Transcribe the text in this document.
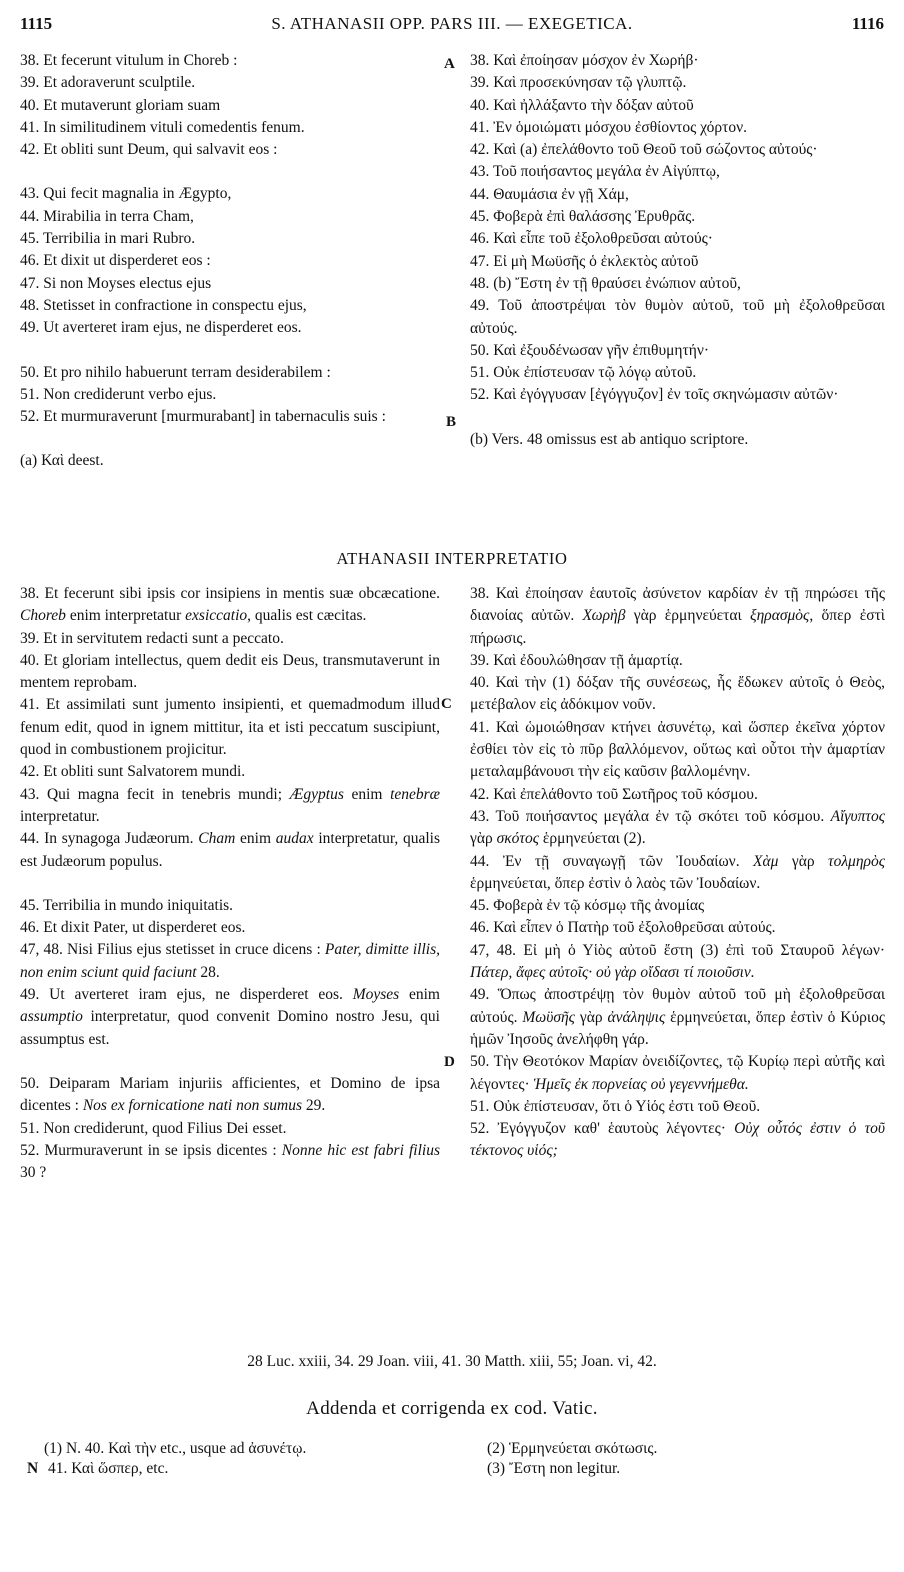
1115	S. ATHANASII OPP. PARS III. — EXEGETICA.	1116

38. Et fecerunt vitulum in Choreb :

39. Et adoraverunt sculptile.

40. Et mutaverunt gloriam suam

41. In similitudinem vituli comedentis fenum.

42. Et obliti sunt Deum, qui salvavit eos :

43. Qui fecit magnalia in Ægypto,

44. Mirabilia in terra Cham,

45. Terribilia in mari Rubro.

46. Et dixit ut disperderet eos :

47. Si non Moyses electus ejus

48. Stetisset in confractione in conspectu ejus,

49. Ut averteret iram ejus, ne disperderet eos.

50. Et pro nihilo habuerunt terram desiderabilem :

51. Non crediderunt verbo ejus.

52. Et murmuraverunt [murmurabant] in tabernaculis suis :

(a) Καὶ deest.

38. Καὶ ἐποίησαν μόσχον ἐν Χωρήβ·

39. Καὶ προσεκύνησαν τῷ γλυπτῷ.

40. Καὶ ἠλλάξαντο τὴν δόξαν αὐτοῦ

41. Ἐν ὁμοιώματι μόσχου ἐσθίοντος χόρτον.

42. Καὶ (a) ἐπελάθοντο τοῦ Θεοῦ τοῦ σώζοντος αὐτούς·

43. Τοῦ ποιήσαντος μεγάλα ἐν Αἰγύπτῳ,

44. Θαυμάσια ἐν γῇ Χάμ,

45. Φοβερὰ ἐπὶ θαλάσσης Ἐρυθρᾶς.

46. Καὶ εἶπε τοῦ ἐξολοθρεῦσαι αὐτούς·

47. Εἰ μὴ Μωϋσῆς ὁ ἐκλεκτὸς αὐτοῦ

48. (b) Ἔστη ἐν τῇ θραύσει ἐνώπιον αὐτοῦ,

49. Τοῦ ἀποστρέψαι τὸν θυμὸν αὐτοῦ, τοῦ μὴ ἐξολοθρεῦσαι αὐτούς.

50. Καὶ ἐξουδένωσαν γῆν ἐπιθυμητήν·

51. Οὐκ ἐπίστευσαν τῷ λόγῳ αὐτοῦ.

52. Καὶ ἐγόγγυσαν [ἐγόγγυζον] ἐν τοῖς σκηνώμασιν αὐτῶν·

(b) Vers. 48 omissus est ab antiquo scriptore.

A
B
ATHANASII INTERPRETATIO

38. Et fecerunt sibi ipsis cor insipiens in mentis suæ obcæcatione. Choreb enim interpretatur exsiccatio, qualis est cæcitas.

39. Et in servitutem redacti sunt a peccato.

40. Et gloriam intellectus, quem dedit eis Deus, transmutaverunt in mentem reprobam.

41. Et assimilati sunt jumento insipienti, et quemadmodum illud fenum edit, quod in ignem mittitur, ita et isti peccatum suscipiunt, quod in combustionem projicitur.

42. Et obliti sunt Salvatorem mundi.

43. Qui magna fecit in tenebris mundi; Ægyptus enim tenebræ interpretatur.

44. In synagoga Judæorum. Cham enim audax interpretatur, qualis est Judæorum populus.

45. Terribilia in mundo iniquitatis.

46. Et dixit Pater, ut disperderet eos.

47, 48. Nisi Filius ejus stetisset in cruce dicens : Pater, dimitte illis, non enim sciunt quid faciunt 28.

49. Ut averteret iram ejus, ne disperderet eos. Moyses enim assumptio interpretatur, quod convenit Domino nostro Jesu, qui assumptus est.

50. Deiparam Mariam injuriis afficientes, et Domino de ipsa dicentes : Nos ex fornicatione nati non sumus 29.

51. Non crediderunt, quod Filius Dei esset.

52. Murmuraverunt in se ipsis dicentes : Nonne hic est fabri filius 30 ?

38. Καὶ ἐποίησαν ἑαυτοῖς ἀσύνετον καρδίαν ἐν τῇ πηρώσει τῆς διανοίας αὐτῶν. Χωρὴβ γὰρ ἑρμηνεύεται ξηρασμὸς, ὅπερ ἐστὶ πήρωσις.

39. Καὶ ἐδουλώθησαν τῇ ἁμαρτίᾳ.

40. Καὶ τὴν (1) δόξαν τῆς συνέσεως, ἧς ἔδωκεν αὐτοῖς ὁ Θεὸς, μετέβαλον εἰς ἀδόκιμον νοῦν.

41. Καὶ ὡμοιώθησαν κτήνει ἀσυνέτῳ, καὶ ὥσπερ ἐκεῖνα χόρτον ἐσθίει τὸν εἰς τὸ πῦρ βαλλόμενον, οὕτως καὶ οὗτοι τὴν ἁμαρτίαν μεταλαμβάνουσι τὴν εἰς καῦσιν βαλλομένην.

42. Καὶ ἐπελάθοντο τοῦ Σωτῆρος τοῦ κόσμου.

43. Τοῦ ποιήσαντος μεγάλα ἐν τῷ σκότει τοῦ κόσμου. Αἴγυπτος γὰρ σκότος ἑρμηνεύεται (2).

44. Ἐν τῇ συναγωγῇ τῶν Ἰουδαίων. Χὰμ γὰρ τολμηρὸς ἑρμηνεύεται, ὅπερ ἐστὶν ὁ λαὸς τῶν Ἰουδαίων.

45. Φοβερὰ ἐν τῷ κόσμῳ τῆς ἀνομίας

46. Καὶ εἶπεν ὁ Πατὴρ τοῦ ἐξολοθρεῦσαι αὐτούς.

47, 48. Εἰ μὴ ὁ Υἱὸς αὐτοῦ ἔστη (3) ἐπὶ τοῦ Σταυροῦ λέγων· Πάτερ, ἄφες αὐτοῖς· οὐ γὰρ οἴδασι τί ποιοῦσιν.

49. Ὅπως ἀποστρέψῃ τὸν θυμὸν αὐτοῦ τοῦ μὴ ἐξολοθρεῦσαι αὐτούς. Μωϋσῆς γὰρ ἀνάληψις ἑρμηνεύεται, ὅπερ ἐστὶν ὁ Κύριος ἡμῶν Ἰησοῦς ἀνελήφθη γάρ.

50. Τὴν Θεοτόκον Μαρίαν ὀνειδίζοντες, τῷ Κυρίῳ περὶ αὐτῆς καὶ λέγοντες· Ἡμεῖς ἐκ πορνείας οὐ γεγεννήμεθα.

51. Οὐκ ἐπίστευσαν, ὅτι ὁ Υἱός ἐστι τοῦ Θεοῦ.

52. Ἐγόγγυζον καθ' ἑαυτοὺς λέγοντες· Οὐχ οὗτός ἐστιν ὁ τοῦ τέκτονος υἱός;

C
D
28 Luc. xxiii, 34. 29 Joan. viii, 41. 30 Matth. xiii, 55; Joan. vi, 42.
Addenda et corrigenda ex cod. Vatic.
(1) N. 40. Καὶ τὴν etc., usque ad ἀσυνέτῳ.
N 41. Καὶ ὥσπερ, etc.
(2) Ἑρμηνεύεται σκότωσις.
(3) Ἔστη non legitur.
